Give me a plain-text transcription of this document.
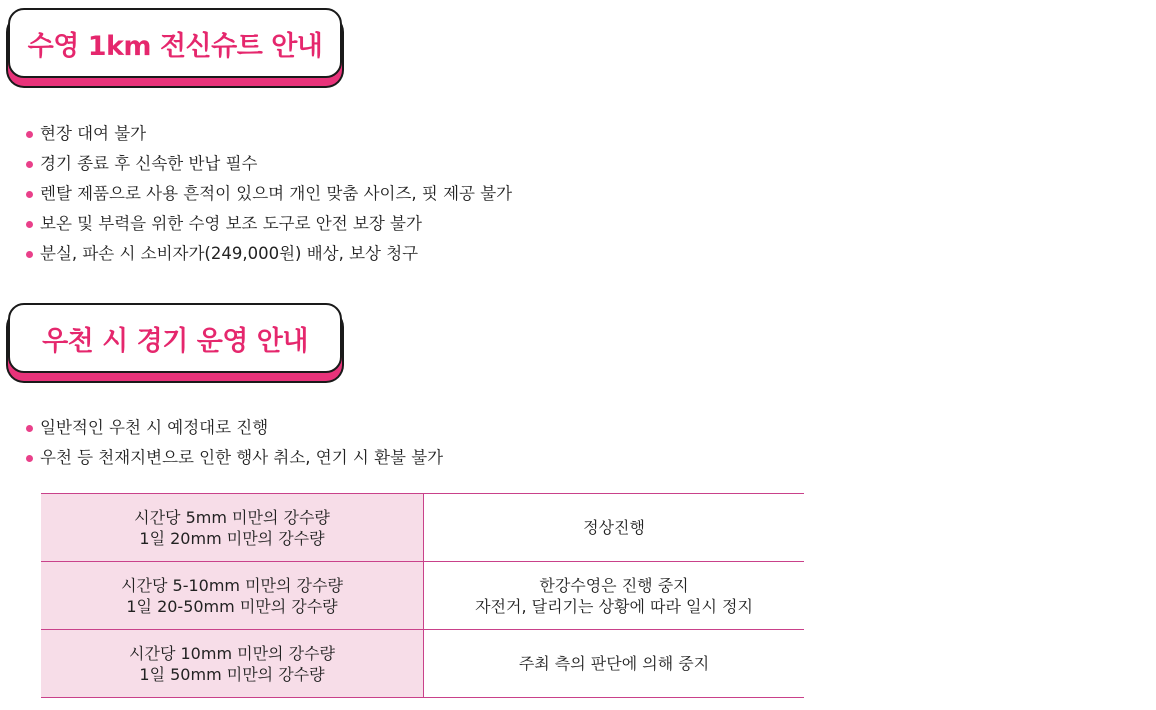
수영 1km 전신슈트 안내
현장 대여 불가
경기 종료 후 신속한 반납 필수
렌탈 제품으로 사용 흔적이 있으며 개인 맞춤 사이즈, 핏 제공 불가
보온 및 부력을 위한 수영 보조 도구로 안전 보장 불가
분실, 파손 시 소비자가(249,000원) 배상, 보상 청구
우천 시 경기 운영 안내
일반적인 우천 시 예정대로 진행
우천 등 천재지변으로 인한 행사 취소, 연기 시 환불 불가
시간당 5mm 미만의 강수량
1일 20mm 미만의 강수량	정상진행

시간당 5-10mm 미만의 강수량
1일 20-50mm 미만의 강수량	한강수영은 진행 중지
자전거, 달리기는 상황에 따라 일시 정지

시간당 10mm 미만의 강수량
1일 50mm 미만의 강수량	주최 측의 판단에 의해 중지
